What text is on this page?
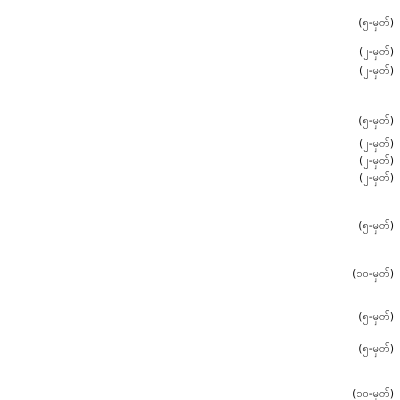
(၅-မှတ်)
(၂-မှတ်)
(၂-မှတ်)
(၅-မှတ်)
(၂-မှတ်)
(၂-မှတ်)
(၂-မှတ်)
(၅-မှတ်)
(၁၀-မှတ်)
(၅-မှတ်)
(၅-မှတ်)
(၁၀-မှတ်)
